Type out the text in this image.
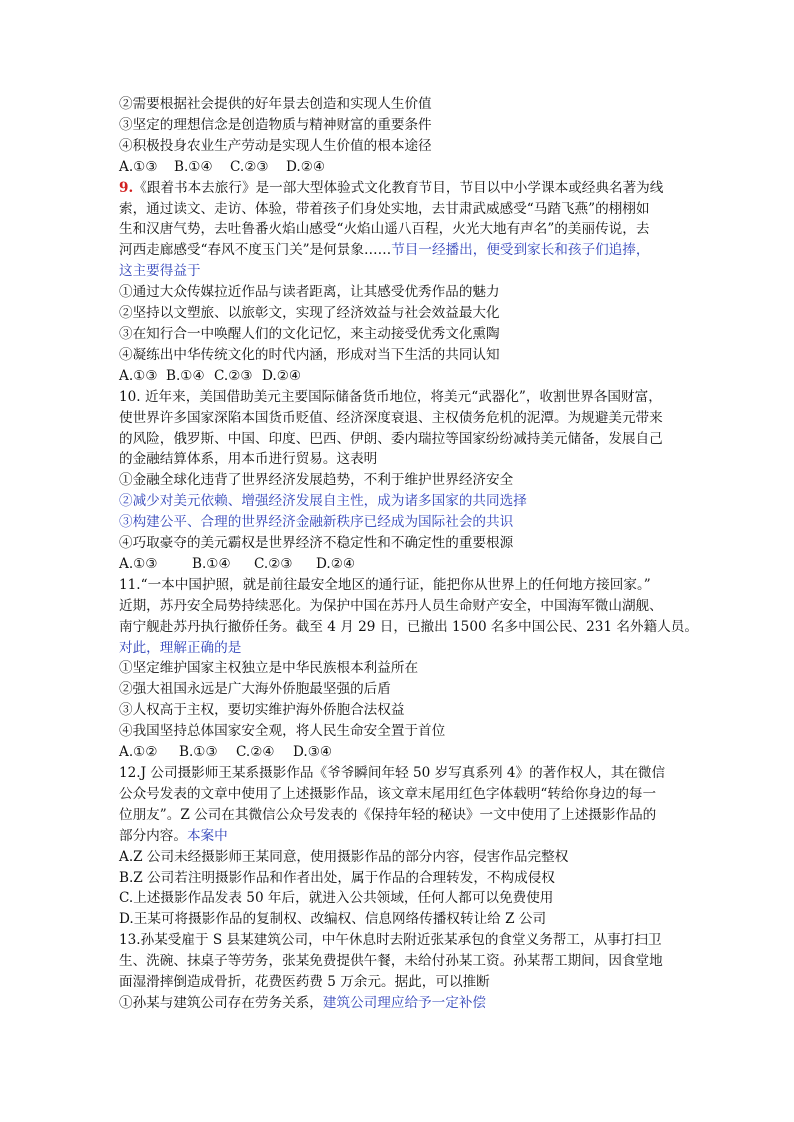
②需要根据社会提供的好年景去创造和实现人生价值
③坚定的理想信念是创造物质与精神财富的重要条件
④积极投身农业生产劳动是实现人生价值的根本途径
A.①③ B.①④ C.②③ D.②④
9.《跟着书本去旅行》是一部大型体验式文化教育节目，节目以中小学课本或经典名著为线
索，通过读文、走访、体验，带着孩子们身处实地，去甘肃武威感受“马踏飞燕”的栩栩如
生和汉唐气势，去吐鲁番火焰山感受“火焰山遥八百程，火光大地有声名”的美丽传说，去
河西走廊感受“春风不度玉门关”是何景象……节目一经播出，便受到家长和孩子们追捧，
这主要得益于
①通过大众传媒拉近作品与读者距离，让其感受优秀作品的魅力
②坚持以文塑旅、以旅彰文，实现了经济效益与社会效益最大化
③在知行合一中唤醒人们的文化记忆，来主动接受优秀文化熏陶
④凝练出中华传统文化的时代内涵，形成对当下生活的共同认知
A.①③ B.①④ C.②③ D.②④
10. 近年来，美国借助美元主要国际储备货币地位，将美元“武器化”，收割世界各国财富，
使世界许多国家深陷本国货币贬值、经济深度衰退、主权债务危机的泥潭。为规避美元带来
的风险，俄罗斯、中国、印度、巴西、伊朗、委内瑞拉等国家纷纷减持美元储备，发展自己
的金融结算体系，用本币进行贸易。这表明
①金融全球化违背了世界经济发展趋势，不利于维护世界经济安全
②减少对美元依赖、增强经济发展自主性，成为诸多国家的共同选择
③构建公平、合理的世界经济金融新秩序已经成为国际社会的共识
④巧取豪夺的美元霸权是世界经济不稳定性和不确定性的重要根源
A.①③	B.①④ C.②③ D.②④
11.“一本中国护照，就是前往最安全地区的通行证，能把你从世界上的任何地方接回家。”
近期，苏丹安全局势持续恶化。为保护中国在苏丹人员生命财产安全，中国海军微山湖舰、
南宁舰赴苏丹执行撤侨任务。截至 4 月 29 日，已撤出 1500 名多中国公民、231 名外籍人员。
对此，理解正确的是
①坚定维护国家主权独立是中华民族根本利益所在
②强大祖国永远是广大海外侨胞最坚强的后盾
③人权高于主权，要切实维护海外侨胞合法权益
④我国坚持总体国家安全观，将人民生命安全置于首位
A.①② B.①③ C.②④ D.③④
12.J 公司摄影师王某系摄影作品《爷爷瞬间年轻 50 岁写真系列 4》的著作权人，其在微信
公众号发表的文章中使用了上述摄影作品，该文章末尾用红色字体载明“转给你身边的每一
位朋友”。Z 公司在其微信公众号发表的《保持年轻的秘诀》一文中使用了上述摄影作品的
部分内容。本案中
A.Z 公司未经摄影师王某同意，使用摄影作品的部分内容，侵害作品完整权
B.Z 公司若注明摄影作品和作者出处，属于作品的合理转发，不构成侵权
C.上述摄影作品发表 50 年后，就进入公共领域，任何人都可以免费使用
D.王某可将摄影作品的复制权、改编权、信息网络传播权转让给 Z 公司
13.孙某受雇于 S 县某建筑公司，中午休息时去附近张某承包的食堂义务帮工，从事打扫卫
生、洗碗、抹桌子等劳务，张某免费提供午餐，未给付孙某工资。孙某帮工期间，因食堂地
面湿滑摔倒造成骨折，花费医药费 5 万余元。据此，可以推断
①孙某与建筑公司存在劳务关系，建筑公司理应给予一定补偿
